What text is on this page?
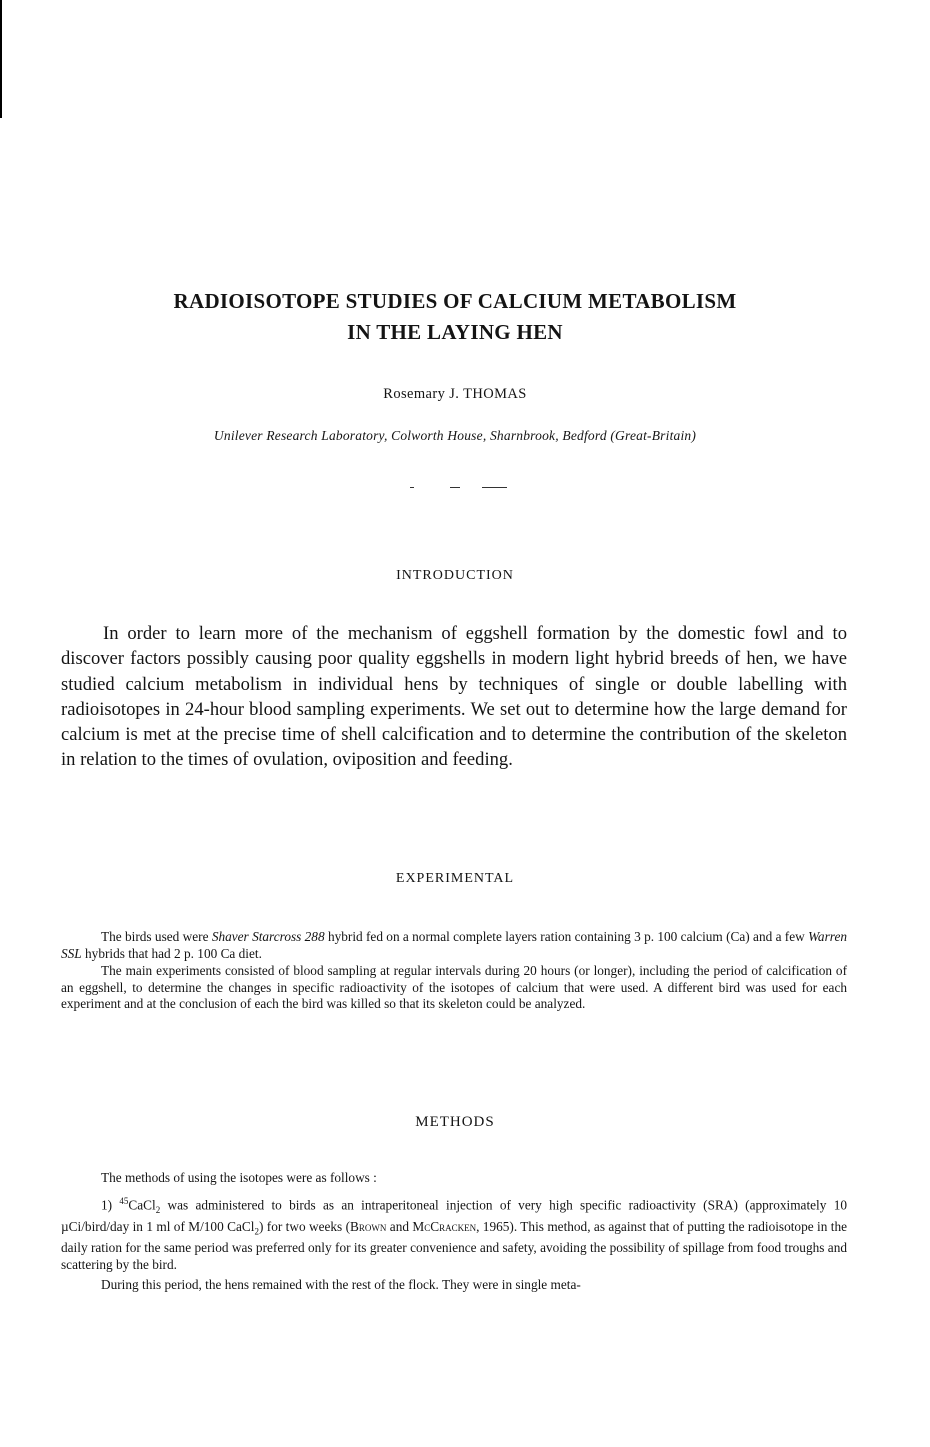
RADIOISOTOPE STUDIES OF CALCIUM METABOLISM
IN THE LAYING HEN
Rosemary J. THOMAS
Unilever Research Laboratory, Colworth House, Sharnbrook, Bedford (Great-Britain)
INTRODUCTION

In order to learn more of the mechanism of eggshell formation by the domestic fowl and to discover factors possibly causing poor quality eggshells in modern light hybrid breeds of hen, we have studied calcium metabolism in individual hens by techniques of single or double labelling with radioisotopes in 24-hour blood sampling experiments. We set out to determine how the large demand for calcium is met at the precise time of shell calcification and to determine the contribution of the skeleton in relation to the times of ovulation, oviposition and feeding.

EXPERIMENTAL

The birds used were Shaver Starcross 288 hybrid fed on a normal complete layers ration containing 3 p. 100 calcium (Ca) and a few Warren SSL hybrids that had 2 p. 100 Ca diet.

The main experiments consisted of blood sampling at regular intervals during 20 hours (or longer), including the period of calcification of an eggshell, to determine the changes in specific radioactivity of the isotopes of calcium that were used. A different bird was used for each experiment and at the conclusion of each the bird was killed so that its skeleton could be analyzed.

METHODS

The methods of using the isotopes were as follows :

1) $^{45}$CaCl$_2$ was administered to birds as an intraperitoneal injection of very high specific radioactivity (SRA) (approximately 10 µCi/bird/day in 1 ml of M/100 CaCl$_2$) for two weeks (Brown and McCracken, 1965). This method, as against that of putting the radioisotope in the daily ration for the same period was preferred only for its greater convenience and safety, avoiding the possibility of spillage from food troughs and scattering by the bird.

During this period, the hens remained with the rest of the flock. They were in single meta-
